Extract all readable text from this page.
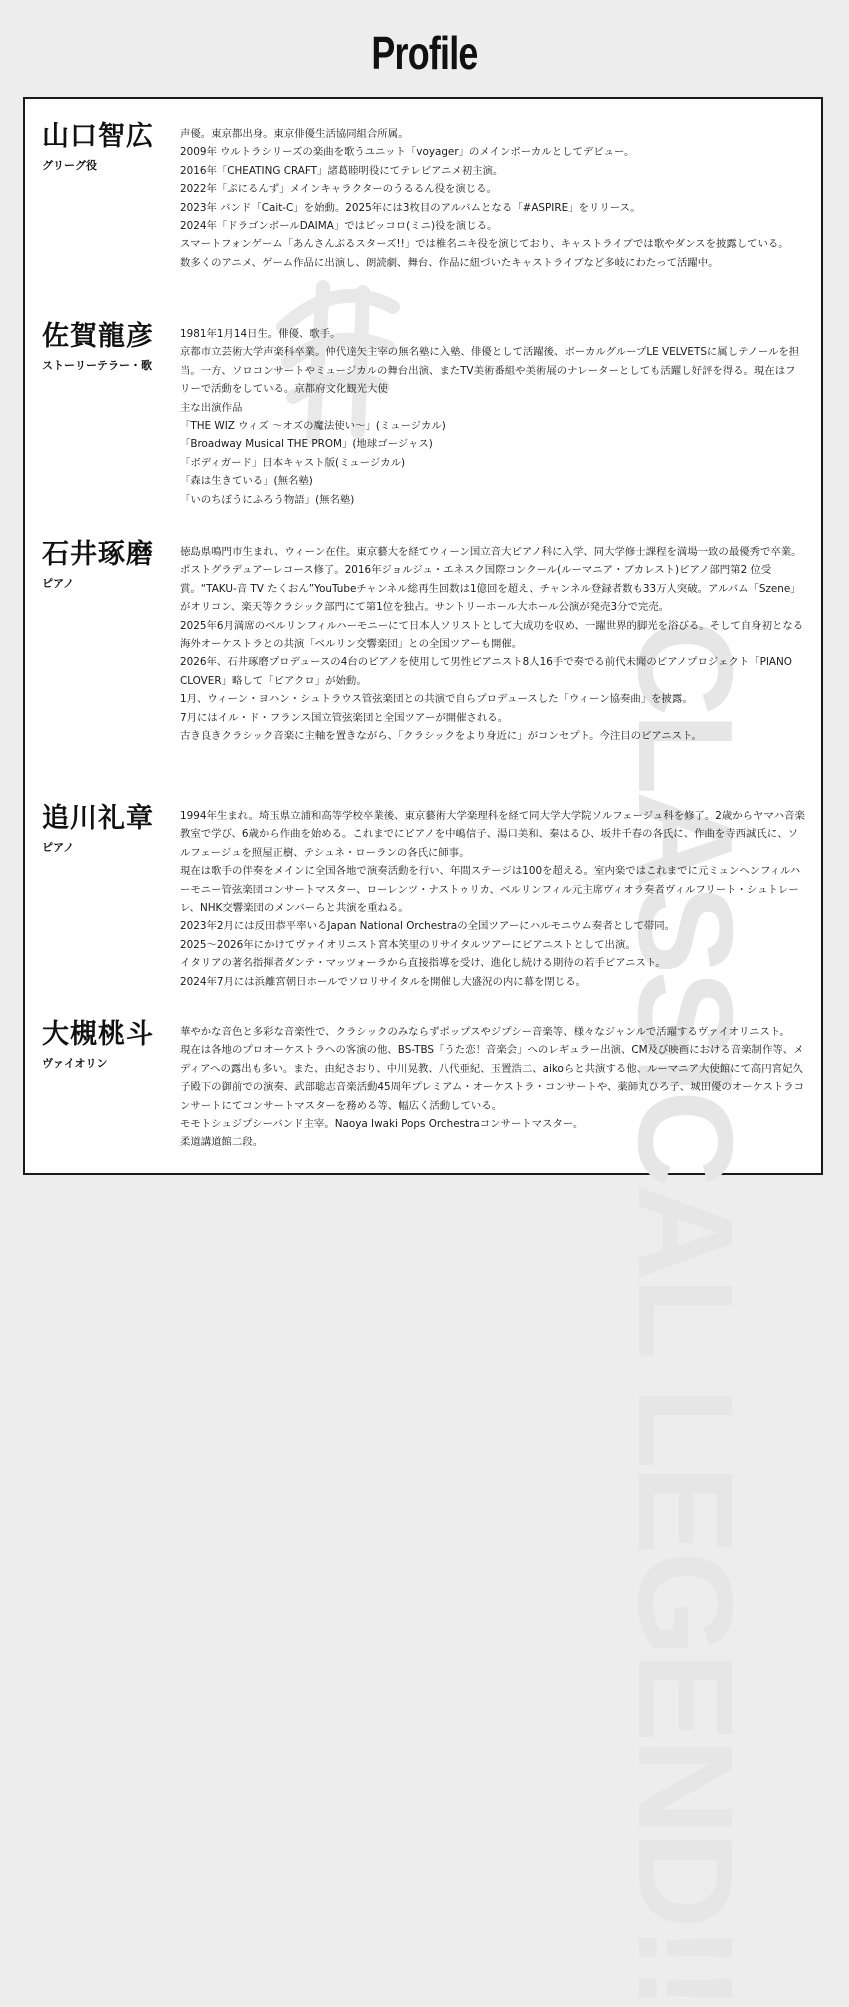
Profile
CLASSICAL LEGEND!!
山口智広
グリーグ役
声優。東京都出身。東京俳優生活協同組合所属。
2009年 ウルトラシリーズの楽曲を歌うユニット「voyager」のメインボーカルとしてデビュー。
2016年「CHEATING CRAFT」諸葛睦明役にてテレビアニメ初主演。
2022年「ぷにるんず」メインキャラクターのうるるん役を演じる。
2023年 バンド「Cait-C」を始動。2025年には3枚目のアルバムとなる「#ASPIRE」をリリース。
2024年「ドラゴンボールDAIMA」ではピッコロ(ミニ)役を演じる。
スマートフォンゲーム「あんさんぶるスターズ!!」では椎名ニキ役を演じており、キャストライブでは歌やダンスを披露している。
数多くのアニメ、ゲーム作品に出演し、朗読劇、舞台、作品に紐づいたキャストライブなど多岐にわたって活躍中。
佐賀龍彦
ストーリーテラー・歌
1981年1月14日生。俳優、歌手。
京都市立芸術大学声楽科卒業。仲代達矢主宰の無名塾に入塾、俳優として活躍後、ボーカルグループLE VELVETSに属しテノールを担当。一方、ソロコンサートやミュージカルの舞台出演、またTV美術番組や美術展のナレーターとしても活躍し好評を得る。現在はフリーで活動をしている。京都府文化観光大使
主な出演作品
「THE WIZ ウィズ 〜オズの魔法使い〜」(ミュージカル)
「Broadway Musical THE PROM」(地球ゴージャス)
「ボディガード」日本キャスト版(ミュージカル)
「森は生きている」(無名塾)
「いのちぼうにふろう物語」(無名塾)
石井琢磨
ピアノ
徳島県鳴門市生まれ、ウィーン在住。東京藝大を経てウィーン国立音大ピアノ科に入学、同大学修士課程を満場一致の最優秀で卒業。ポストグラデュアーレコース修了。2016年ジョルジュ・エネスク国際コンクール(ルーマニア・ブカレスト)ピアノ部門第2 位受賞。“TAKU-音 TV たくおん”YouTubeチャンネル総再生回数は1億回を超え、チャンネル登録者数も33万人突破。アルバム「Szene」がオリコン、楽天等クラシック部門にて第1位を独占。サントリーホール大ホール公演が発売3分で完売。
2025年6月満席のベルリンフィルハーモニーにて日本人ソリストとして大成功を収め、一躍世界的脚光を浴びる。そして自身初となる海外オーケストラとの共演「ベルリン交響楽団」との全国ツアーも開催。
2026年、石井琢磨プロデュースの4台のピアノを使用して男性ピアニスト8人16手で奏でる前代未聞のピアノプロジェクト「PIANO CLOVER」略して「ピアクロ」が始動。
1月、ウィーン・ヨハン・シュトラウス管弦楽団との共演で自らプロデュースした「ウィーン協奏曲」を披露。
7月にはイル・ド・フランス国立管弦楽団と全国ツアーが開催される。
古き良きクラシック音楽に主軸を置きながら、「クラシックをより身近に」がコンセプト。今注目のピアニスト。
追川礼章
ピアノ
1994年生まれ。埼玉県立浦和高等学校卒業後、東京藝術大学楽理科を経て同大学大学院ソルフェージュ科を修了。2歳からヤマハ音楽教室で学び、6歳から作曲を始める。これまでにピアノを中嶋信子、湯口美和、秦はるひ、坂井千春の各氏に、作曲を寺西誠氏に、ソルフェージュを照屋正樹、テシュネ・ローランの各氏に師事。
現在は歌手の伴奏をメインに全国各地で演奏活動を行い、年間ステージは100を超える。室内楽ではこれまでに元ミュンヘンフィルハーモニー管弦楽団コンサートマスター、ローレンツ・ナストゥリカ、ベルリンフィル元主席ヴィオラ奏者ヴィルフリート・シュトレーレ、NHK交響楽団のメンバーらと共演を重ねる。
2023年2月には反田恭平率いるJapan National Orchestraの全国ツアーにハルモニウム奏者として帯同。
2025〜2026年にかけてヴァイオリニスト宮本笑里のリサイタルツアーにピアニストとして出演。
イタリアの著名指揮者ダンテ・マッツォーラから直接指導を受け、進化し続ける期待の若手ピアニスト。
2024年7月には浜離宮朝日ホールでソロリサイタルを開催し大盛況の内に幕を閉じる。
大槻桃斗
ヴァイオリン
華やかな音色と多彩な音楽性で、クラシックのみならずポップスやジプシー音楽等、様々なジャンルで活躍するヴァイオリニスト。
現在は各地のプロオーケストラへの客演の他、BS-TBS「うた恋！音楽会」へのレギュラー出演、CM及び映画における音楽制作等、メディアへの露出も多い。また、由紀さおり、中川晃教、八代亜紀、玉置浩二、aikoらと共演する他、ルーマニア大使館にて高円宮妃久子殿下の御前での演奏、武部聡志音楽活動45周年プレミアム・オーケストラ・コンサートや、薬師丸ひろ子、城田優のオーケストラコンサートにてコンサートマスターを務める等、幅広く活動している。
モモトシュジプシーバンド主宰。Naoya Iwaki Pops Orchestraコンサートマスター。
柔道講道館二段。
